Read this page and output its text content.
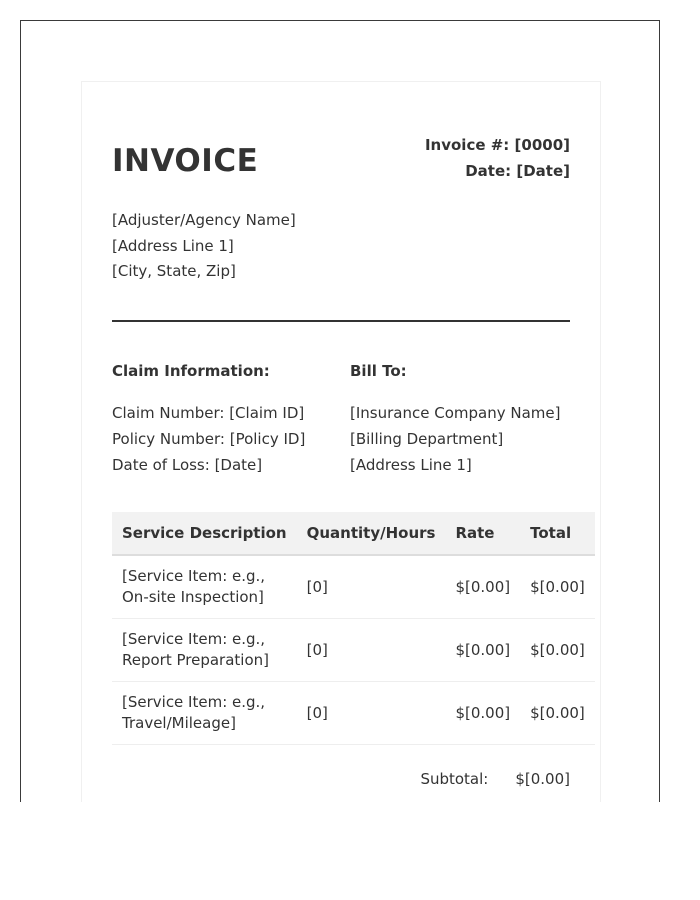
INVOICE	Invoice #: [0000]
Date: [Date]
[Adjuster/Agency Name]
[Address Line 1]
[City, State, Zip]
Claim Information:
Claim Number: [Claim ID]
Policy Number: [Policy ID]
Date of Loss: [Date]
Bill To:
[Insurance Company Name]
[Billing Department]
[Address Line 1]
Service Description	Quantity/Hours	Rate	Total
[Service Item: e.g., On-site Inspection]	[0]	$[0.00]	$[0.00]
[Service Item: e.g., Report Preparation]	[0]	$[0.00]	$[0.00]
[Service Item: e.g., Travel/Mileage]	[0]	$[0.00]	$[0.00]
Subtotal: $[0.00]
